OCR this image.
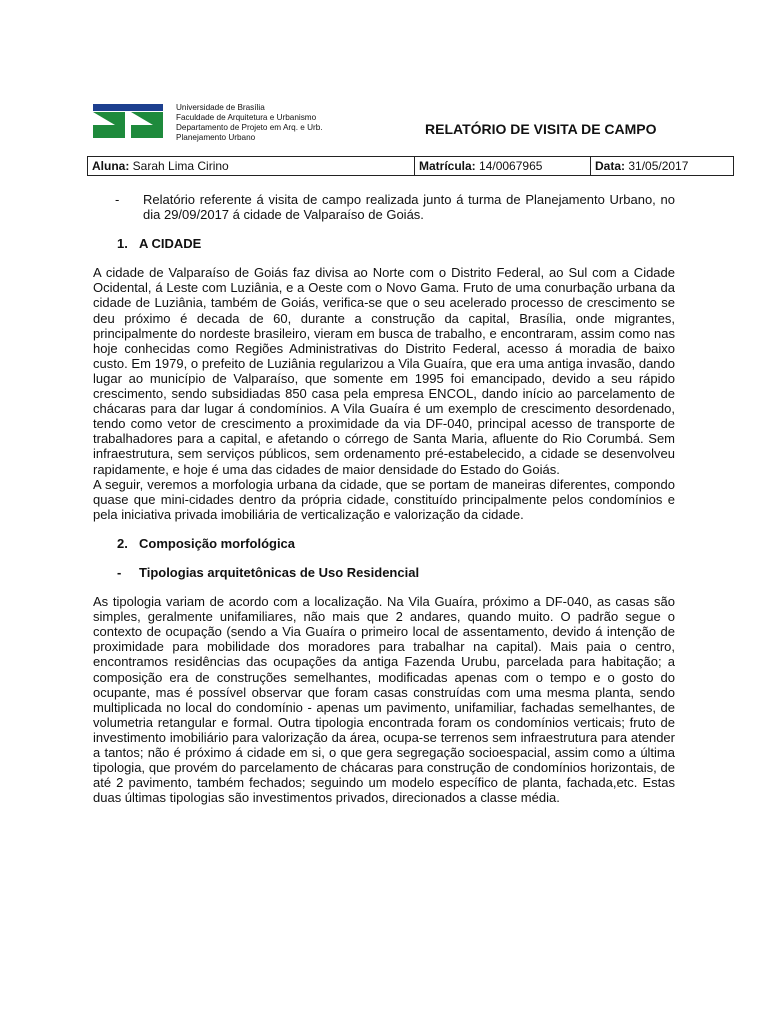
Universidade de Brasília
Faculdade de Arquitetura e Urbanismo
Departamento de Projeto em Arq. e Urb.
Planejamento Urbano
RELATÓRIO DE VISITA DE CAMPO
Aluna: Sarah Lima Cirino	Matrícula: 14/0067965	Data: 31/05/2017
-	Relatório referente á visita de campo realizada junto á turma de Planejamento Urbano, no dia 29/09/2017 á cidade de Valparaíso de Goiás.
1. A CIDADE
A cidade de Valparaíso de Goiás faz divisa ao Norte com o Distrito Federal, ao Sul com a Cidade Ocidental, á Leste com Luziânia, e a Oeste com o Novo Gama. Fruto de uma conurbação urbana da cidade de Luziânia, também de Goiás, verifica-se que o seu acelerado processo de crescimento se deu próximo é decada de 60, durante a construção da capital, Brasília, onde migrantes, principalmente do nordeste brasileiro, vieram em busca de trabalho, e encontraram, assim como nas hoje conhecidas como Regiões Administrativas do Distrito Federal, acesso á moradia de baixo custo. Em 1979, o prefeito de Luziânia regularizou a Vila Guaíra, que era uma antiga invasão, dando lugar ao município de Valparaíso, que somente em 1995 foi emancipado, devido a seu rápido crescimento, sendo subsidiadas 850 casa pela empresa ENCOL, dando início ao parcelamento de chácaras para dar lugar á condomínios. A Vila Guaíra é um exemplo de crescimento desordenado, tendo como vetor de crescimento a proximidade da via DF-040, principal acesso de transporte de trabalhadores para a capital, e afetando o córrego de Santa Maria, afluente do Rio Corumbá. Sem infraestrutura, sem serviços públicos, sem ordenamento pré-estabelecido, a cidade se desenvolveu rapidamente, e hoje é uma das cidades de maior densidade do Estado do Goiás.
A seguir, veremos a morfologia urbana da cidade, que se portam de maneiras diferentes, compondo quase que mini-cidades dentro da própria cidade, constituído principalmente pelos condomínios e pela iniciativa privada imobiliária de verticalização e valorização da cidade.
2. Composição morfológica
- Tipologias arquitetônicas de Uso Residencial
As tipologia variam de acordo com a localização. Na Vila Guaíra, próximo a DF-040, as casas são simples, geralmente unifamiliares, não mais que 2 andares, quando muito. O padrão segue o contexto de ocupação (sendo a Via Guaíra o primeiro local de assentamento, devido á intenção de proximidade para mobilidade dos moradores para trabalhar na capital). Mais paia o centro, encontramos residências das ocupações da antiga Fazenda Urubu, parcelada para habitação; a composição era de construções semelhantes, modificadas apenas com o tempo e o gosto do ocupante, mas é possível observar que foram casas construídas com uma mesma planta, sendo multiplicada no local do condomínio - apenas um pavimento, unifamiliar, fachadas semelhantes, de volumetria retangular e formal. Outra tipologia encontrada foram os condomínios verticais; fruto de investimento imobiliário para valorização da área, ocupa-se terrenos sem infraestrutura para atender a tantos; não é próximo á cidade em si, o que gera segregação socioespacial, assim como a última tipologia, que provém do parcelamento de chácaras para construção de condomínios horizontais, de até 2 pavimento, também fechados; seguindo um modelo específico de planta, fachada,etc. Estas duas últimas tipologias são investimentos privados, direcionados a classe média.
